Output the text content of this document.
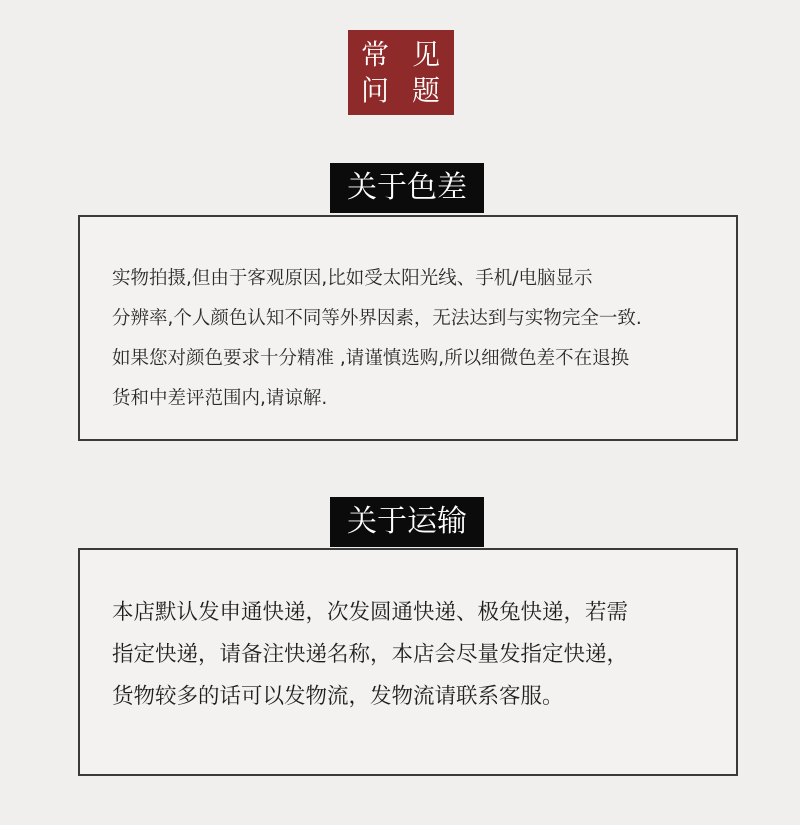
常 见
问 题
关于色差

实物拍摄,但由于客观原因,比如受太阳光线、手机/电脑显示

分辨率,个人颜色认知不同等外界因素，无法达到与实物完全一致.

如果您对颜色要求十分精准 ,请谨慎选购,所以细微色差不在退换

货和中差评范围内,请谅解.

关于运输

本店默认发申通快递，次发圆通快递、极兔快递，若需

指定快递，请备注快递名称，本店会尽量发指定快递，

货物较多的话可以发物流，发物流请联系客服。
